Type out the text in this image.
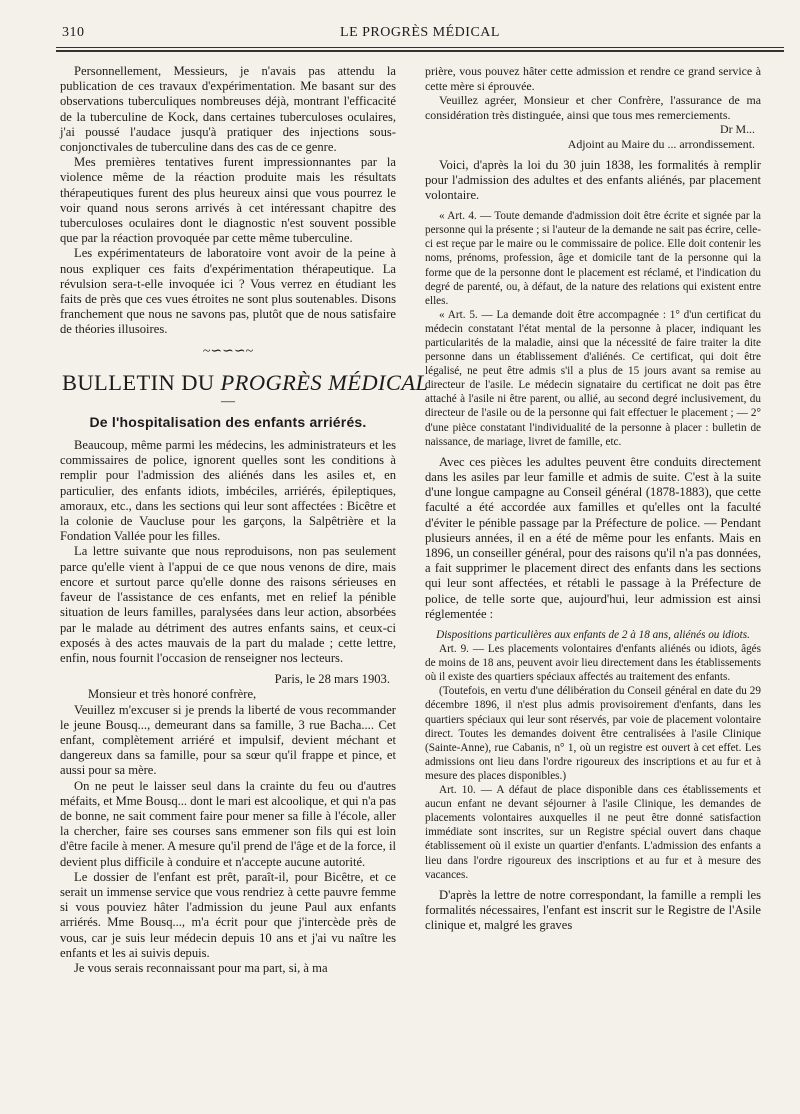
310	LE PROGRÈS MÉDICAL

Personnellement, Messieurs, je n'avais pas attendu la publication de ces travaux d'expérimentation. Me basant sur des observations tuberculiques nombreuses déjà, montrant l'efficacité de la tuberculine de Kock, dans certaines tuberculoses oculaires, j'ai poussé l'audace jusqu'à pratiquer des injections sous-conjonctivales de tuberculine dans des cas de ce genre.

Mes premières tentatives furent impressionnantes par la violence même de la réaction produite mais les résultats thérapeutiques furent des plus heureux ainsi que vous pourrez le voir quand nous serons arrivés à cet intéressant chapitre des tuberculoses oculaires dont le diagnostic n'est souvent possible que par la réaction provoquée par cette même tuberculine.

Les expérimentateurs de laboratoire vont avoir de la peine à nous expliquer ces faits d'expérimentation thérapeutique. La révulsion sera-t-elle invoquée ici ? Vous verrez en étudiant les faits de près que ces vues étroites ne sont plus soutenables. Disons franchement que nous ne savons pas, plutôt que de nous satisfaire de théories illusoires.

~∽∽∽~
BULLETIN DU PROGRÈS MÉDICAL
—
De l'hospitalisation des enfants arriérés.

Beaucoup, même parmi les médecins, les administrateurs et les commissaires de police, ignorent quelles sont les conditions à remplir pour l'admission des aliénés dans les asiles et, en particulier, des enfants idiots, imbéciles, arriérés, épileptiques, amoraux, etc., dans les sections qui leur sont affectées : Bicêtre et la colonie de Vaucluse pour les garçons, la Salpêtrière et la Fondation Vallée pour les filles.

La lettre suivante que nous reproduisons, non pas seulement parce qu'elle vient à l'appui de ce que nous venons de dire, mais encore et surtout parce qu'elle donne des raisons sérieuses en faveur de l'assistance de ces enfants, met en relief la pénible situation de leurs familles, paralysées dans leur action, absorbées par le malade au détriment des autres enfants sains, et ceux-ci exposés à des actes mauvais de la part du malade ; cette lettre, enfin, nous fournit l'occasion de renseigner nos lecteurs.

Paris, le 28 mars 1903.

Monsieur et très honoré confrère,

Veuillez m'excuser si je prends la liberté de vous recommander le jeune Bousq..., demeurant dans sa famille, 3 rue Bacha.... Cet enfant, complètement arriéré et impulsif, devient méchant et dangereux dans sa famille, pour sa sœur qu'il frappe et pince, et aussi pour sa mère.

On ne peut le laisser seul dans la crainte du feu ou d'autres méfaits, et Mme Bousq... dont le mari est alcoolique, et qui n'a pas de bonne, ne sait comment faire pour mener sa fille à l'école, aller la chercher, faire ses courses sans emmener son fils qui est loin d'être facile à mener. A mesure qu'il prend de l'âge et de la force, il devient plus difficile à conduire et n'accepte aucune autorité.

Le dossier de l'enfant est prêt, paraît-il, pour Bicêtre, et ce serait un immense service que vous rendriez à cette pauvre femme si vous pouviez hâter l'admission du jeune Paul aux enfants arriérés. Mme Bousq..., m'a écrit pour que j'intercède près de vous, car je suis leur médecin depuis 10 ans et j'ai vu naître les enfants et les ai suivis depuis.

Je vous serais reconnaissant pour ma part, si, à ma

prière, vous pouvez hâter cette admission et rendre ce grand service à cette mère si éprouvée.

Veuillez agréer, Monsieur et cher Confrère, l'assurance de ma considération très distinguée, ainsi que tous mes remerciements.

Dr M...

Adjoint au Maire du ... arrondissement.

Voici, d'après la loi du 30 juin 1838, les formalités à remplir pour l'admission des adultes et des enfants aliénés, par placement volontaire.

« Art. 4. — Toute demande d'admission doit être écrite et signée par la personne qui la présente ; si l'auteur de la demande ne sait pas écrire, celle-ci est reçue par le maire ou le commissaire de police. Elle doit contenir les noms, prénoms, profession, âge et domicile tant de la personne qui la forme que de la personne dont le placement est réclamé, et l'indication du degré de parenté, ou, à défaut, de la nature des relations qui existent entre elles.

« Art. 5. — La demande doit être accompagnée : 1° d'un certificat du médecin constatant l'état mental de la personne à placer, indiquant les particularités de la maladie, ainsi que la nécessité de faire traiter la dite personne dans un établissement d'aliénés. Ce certificat, qui doit être légalisé, ne peut être admis s'il a plus de 15 jours avant sa remise au directeur de l'asile. Le médecin signataire du certificat ne doit pas être attaché à l'asile ni être parent, ou allié, au second degré inclusivement, du directeur de l'asile ou de la personne qui fait effectuer le placement ; — 2° d'une pièce constatant l'individualité de la personne à placer : bulletin de naissance, de mariage, livret de famille, etc.

Avec ces pièces les adultes peuvent être conduits directement dans les asiles par leur famille et admis de suite. C'est à la suite d'une longue campagne au Conseil général (1878-1883), que cette faculté a été accordée aux familles et qu'elles ont la faculté d'éviter le pénible passage par la Préfecture de police. — Pendant plusieurs années, il en a été de même pour les enfants. Mais en 1896, un conseiller général, pour des raisons qu'il n'a pas données, a fait supprimer le placement direct des enfants dans les sections qui leur sont affectées, et rétabli le passage à la Préfecture de police, de telle sorte que, aujourd'hui, leur admission est ainsi réglementée :

Dispositions particulières aux enfants de 2 à 18 ans, aliénés ou idiots.

Art. 9. — Les placements volontaires d'enfants aliénés ou idiots, âgés de moins de 18 ans, peuvent avoir lieu directement dans les établissements où il existe des quartiers spéciaux affectés au traitement des enfants.

(Toutefois, en vertu d'une délibération du Conseil général en date du 29 décembre 1896, il n'est plus admis provisoirement d'enfants, dans les quartiers spéciaux qui leur sont réservés, par voie de placement volontaire direct. Toutes les demandes doivent être centralisées à l'asile Clinique (Sainte-Anne), rue Cabanis, n° 1, où un registre est ouvert à cet effet. Les admissions ont lieu dans l'ordre rigoureux des inscriptions et au fur et à mesure des places disponibles.)

Art. 10. — A défaut de place disponible dans ces établissements et aucun enfant ne devant séjourner à l'asile Clinique, les demandes de placements volontaires auxquelles il ne peut être donné satisfaction immédiate sont inscrites, sur un Registre spécial ouvert dans chaque établissement où il existe un quartier d'enfants. L'admission des enfants a lieu dans l'ordre rigoureux des inscriptions et au fur et à mesure des vacances.

D'après la lettre de notre correspondant, la famille a rempli les formalités nécessaires, l'enfant est inscrit sur le Registre de l'Asile clinique et, malgré les graves
